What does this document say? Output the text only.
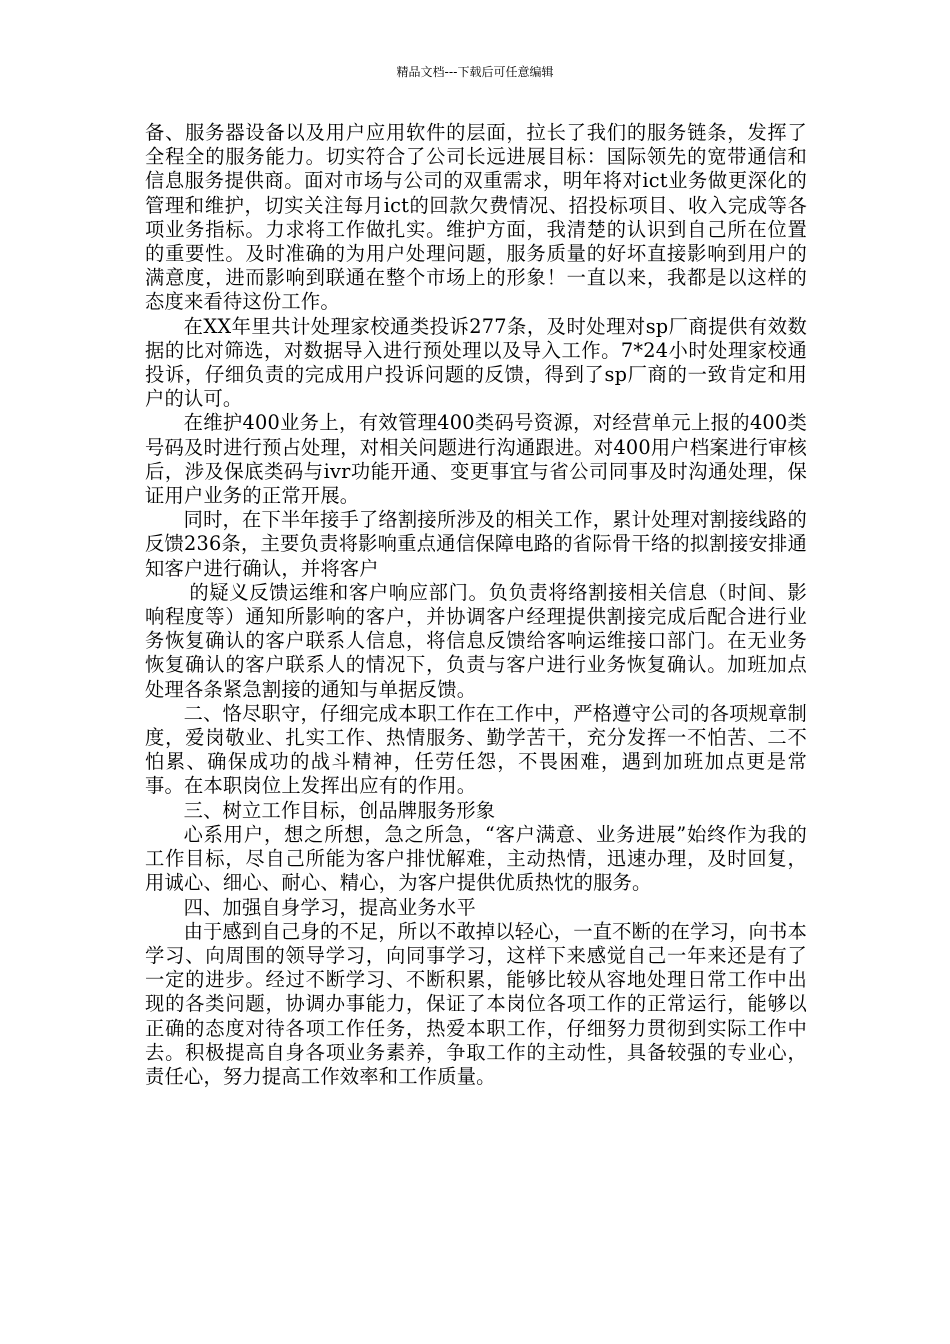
精品文档---下载后可任意编辑

备、服务器设备以及用户应用软件的层面，拉长了我们的服务链条，发挥了全程全的服务能力。切实符合了公司长远进展目标：国际领先的宽带通信和信息服务提供商。面对市场与公司的双重需求，明年将对ict业务做更深化的管理和维护，切实关注每月ict的回款欠费情况、招投标项目、收入完成等各项业务指标。力求将工作做扎实。维护方面，我清楚的认识到自己所在位置的重要性。及时准确的为用户处理问题，服务质量的好坏直接影响到用户的满意度，进而影响到联通在整个市场上的形象！一直以来，我都是以这样的态度来看待这份工作。

在XX年里共计处理家校通类投诉277条，及时处理对sp厂商提供有效数据的比对筛选，对数据导入进行预处理以及导入工作。7*24小时处理家校通投诉，仔细负责的完成用户投诉问题的反馈，得到了sp厂商的一致肯定和用户的认可。

在维护400业务上，有效管理400类码号资源，对经营单元上报的400类号码及时进行预占处理，对相关问题进行沟通跟进。对400用户档案进行审核后，涉及保底类码与ivr功能开通、变更事宜与省公司同事及时沟通处理，保证用户业务的正常开展。

同时，在下半年接手了络割接所涉及的相关工作，累计处理对割接线路的反馈236条，主要负责将影响重点通信保障电路的省际骨干络的拟割接安排通知客户进行确认，并将客户

的疑义反馈运维和客户响应部门。负负责将络割接相关信息（时间、影响程度等）通知所影响的客户，并协调客户经理提供割接完成后配合进行业务恢复确认的客户联系人信息，将信息反馈给客响运维接口部门。在无业务恢复确认的客户联系人的情况下，负责与客户进行业务恢复确认。加班加点处理各条紧急割接的通知与单据反馈。

二、恪尽职守，仔细完成本职工作在工作中，严格遵守公司的各项规章制度，爱岗敬业、扎实工作、热情服务、勤学苦干，充分发挥一不怕苦、二不怕累、确保成功的战斗精神，任劳任怨，不畏困难，遇到加班加点更是常事。在本职岗位上发挥出应有的作用。

三、树立工作目标，创品牌服务形象

心系用户，想之所想，急之所急，“客户满意、业务进展”始终作为我的工作目标，尽自己所能为客户排忧解难，主动热情，迅速办理，及时回复，用诚心、细心、耐心、精心，为客户提供优质热忱的服务。

四、加强自身学习，提高业务水平

由于感到自己身的不足，所以不敢掉以轻心，一直不断的在学习，向书本学习、向周围的领导学习，向同事学习，这样下来感觉自己一年来还是有了一定的进步。经过不断学习、不断积累，能够比较从容地处理日常工作中出现的各类问题，协调办事能力，保证了本岗位各项工作的正常运行，能够以正确的态度对待各项工作任务，热爱本职工作，仔细努力贯彻到实际工作中去。积极提高自身各项业务素养，争取工作的主动性，具备较强的专业心，责任心，努力提高工作效率和工作质量。
